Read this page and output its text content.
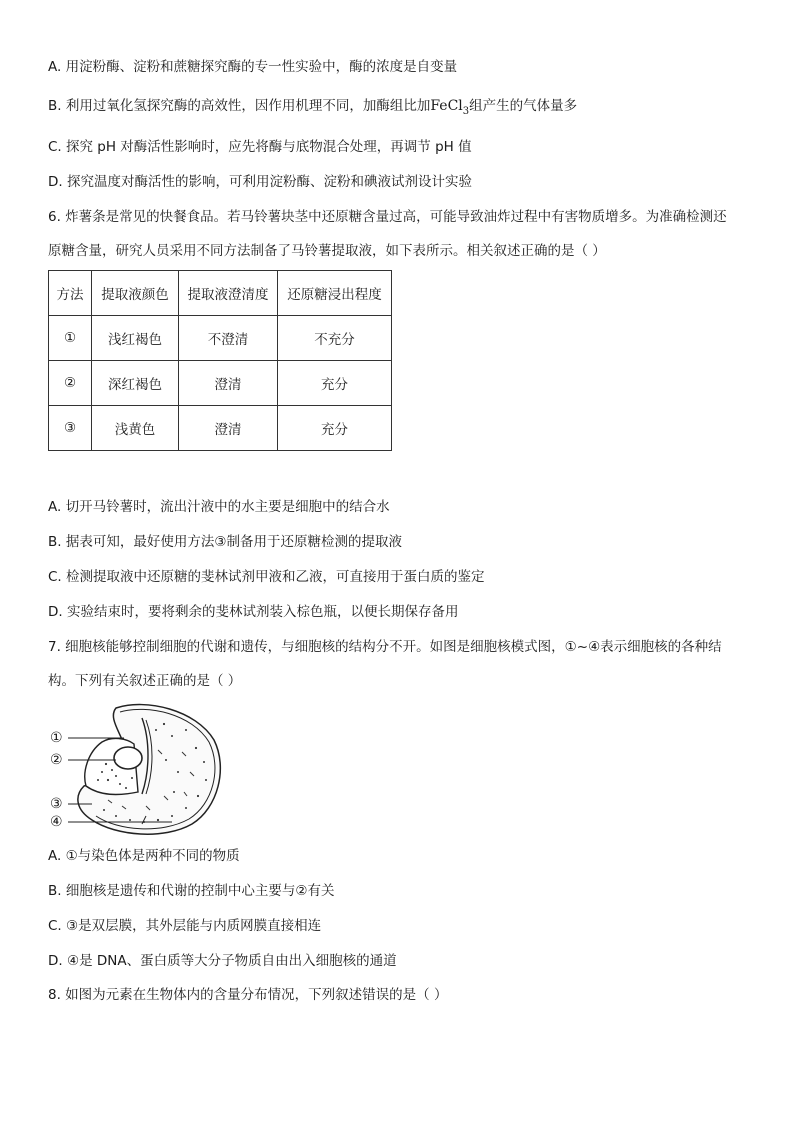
A. 用淀粉酶、淀粉和蔗糖探究酶的专一性实验中，酶的浓度是自变量
B. 利用过氧化氢探究酶的高效性，因作用机理不同，加酶组比加FeCl$_3$组产生的气体量多
C. 探究 pH 对酶活性影响时，应先将酶与底物混合处理，再调节 pH 值
D. 探究温度对酶活性的影响，可利用淀粉酶、淀粉和碘液试剂设计实验
6. 炸薯条是常见的快餐食品。若马铃薯块茎中还原糖含量过高，可能导致油炸过程中有害物质增多。为准确检测还
原糖含量，研究人员采用不同方法制备了马铃薯提取液，如下表所示。相关叙述正确的是（ ）
方法	提取液颜色	提取液澄清度	还原糖浸出程度
①	浅红褐色	不澄清	不充分
②	深红褐色	澄清	充分
③	浅黄色	澄清	充分
A. 切开马铃薯时，流出汁液中的水主要是细胞中的结合水
B. 据表可知，最好使用方法③制备用于还原糖检测的提取液
C. 检测提取液中还原糖的斐林试剂甲液和乙液，可直接用于蛋白质的鉴定
D. 实验结束时，要将剩余的斐林试剂装入棕色瓶，以便长期保存备用
7. 细胞核能够控制细胞的代谢和遗传，与细胞核的结构分不开。如图是细胞核模式图，①~④表示细胞核的各种结
构。下列有关叙述正确的是（ ）
①
②
③
④
A. ①与染色体是两种不同的物质
B. 细胞核是遗传和代谢的控制中心主要与②有关
C. ③是双层膜，其外层能与内质网膜直接相连
D. ④是 DNA、蛋白质等大分子物质自由出入细胞核的通道
8. 如图为元素在生物体内的含量分布情况，下列叙述错误的是（ ）
